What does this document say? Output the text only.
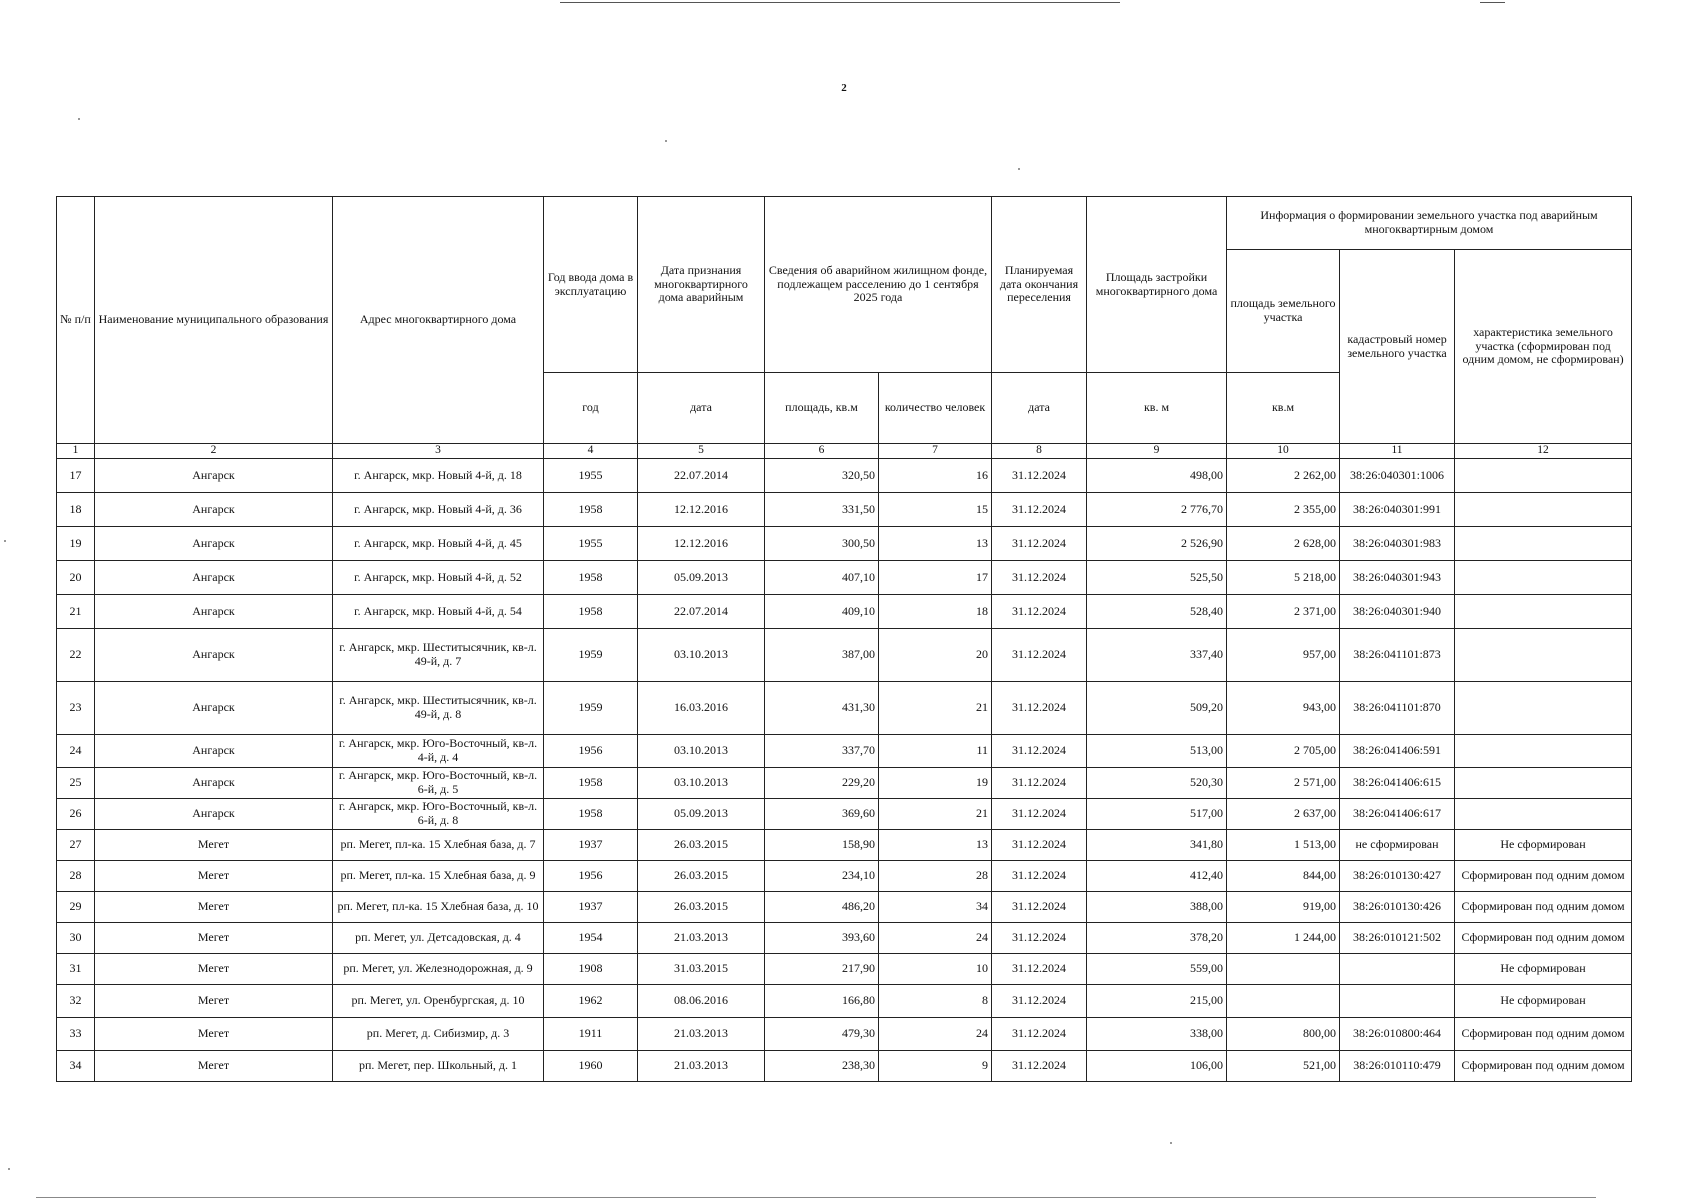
2
№ п/п	Наименование муниципального образования	Адрес многоквартирного дома	Год ввода дома в эксплуатацию	Дата признания многоквартирного дома аварийным	Сведения об аварийном жилищном фонде, подлежащем расселению до 1 сентября 2025 года		Планируемая дата окончания переселения	Площадь застройки многоквартирного дома	Информация о формировании земельного участка под аварийным многоквартирным домом		
									площадь земельного участка	кадастровый номер земельного участка	характеристика земельного участка (сформирован под одним домом, не сформирован)
			год	дата	площадь, кв.м	количество человек	дата	кв. м	кв.м		
1	2	3	4	5	6	7	8	9	10	11	12
17	Ангарск	г. Ангарск, мкр. Новый 4-й, д. 18	1955	22.07.2014	320,50	16	31.12.2024	498,00	2 262,00	38:26:040301:1006	
18	Ангарск	г. Ангарск, мкр. Новый 4-й, д. 36	1958	12.12.2016	331,50	15	31.12.2024	2 776,70	2 355,00	38:26:040301:991	
19	Ангарск	г. Ангарск, мкр. Новый 4-й, д. 45	1955	12.12.2016	300,50	13	31.12.2024	2 526,90	2 628,00	38:26:040301:983	
20	Ангарск	г. Ангарск, мкр. Новый 4-й, д. 52	1958	05.09.2013	407,10	17	31.12.2024	525,50	5 218,00	38:26:040301:943	
21	Ангарск	г. Ангарск, мкр. Новый 4-й, д. 54	1958	22.07.2014	409,10	18	31.12.2024	528,40	2 371,00	38:26:040301:940	
22	Ангарск	г. Ангарск, мкр. Шеститысячник, кв-л. 49-й, д. 7	1959	03.10.2013	387,00	20	31.12.2024	337,40	957,00	38:26:041101:873	
23	Ангарск	г. Ангарск, мкр. Шеститысячник, кв-л. 49-й, д. 8	1959	16.03.2016	431,30	21	31.12.2024	509,20	943,00	38:26:041101:870	
24	Ангарск	г. Ангарск, мкр. Юго-Восточный, кв-л. 4-й, д. 4	1956	03.10.2013	337,70	11	31.12.2024	513,00	2 705,00	38:26:041406:591	
25	Ангарск	г. Ангарск, мкр. Юго-Восточный, кв-л. 6-й, д. 5	1958	03.10.2013	229,20	19	31.12.2024	520,30	2 571,00	38:26:041406:615	
26	Ангарск	г. Ангарск, мкр. Юго-Восточный, кв-л. 6-й, д. 8	1958	05.09.2013	369,60	21	31.12.2024	517,00	2 637,00	38:26:041406:617	
27	Мегет	рп. Мегет, пл-ка. 15 Хлебная база, д. 7	1937	26.03.2015	158,90	13	31.12.2024	341,80	1 513,00	не сформирован	Не сформирован
28	Мегет	рп. Мегет, пл-ка. 15 Хлебная база, д. 9	1956	26.03.2015	234,10	28	31.12.2024	412,40	844,00	38:26:010130:427	Сформирован под одним домом
29	Мегет	рп. Мегет, пл-ка. 15 Хлебная база, д. 10	1937	26.03.2015	486,20	34	31.12.2024	388,00	919,00	38:26:010130:426	Сформирован под одним домом
30	Мегет	рп. Мегет, ул. Детсадовская, д. 4	1954	21.03.2013	393,60	24	31.12.2024	378,20	1 244,00	38:26:010121:502	Сформирован под одним домом
31	Мегет	рп. Мегет, ул. Железнодорожная, д. 9	1908	31.03.2015	217,90	10	31.12.2024	559,00			Не сформирован
32	Мегет	рп. Мегет, ул. Оренбургская, д. 10	1962	08.06.2016	166,80	8	31.12.2024	215,00			Не сформирован
33	Мегет	рп. Мегет, д. Сибизмир, д. 3	1911	21.03.2013	479,30	24	31.12.2024	338,00	800,00	38:26:010800:464	Сформирован под одним домом
34	Мегет	рп. Мегет, пер. Школьный, д. 1	1960	21.03.2013	238,30	9	31.12.2024	106,00	521,00	38:26:010110:479	Сформирован под одним домом
